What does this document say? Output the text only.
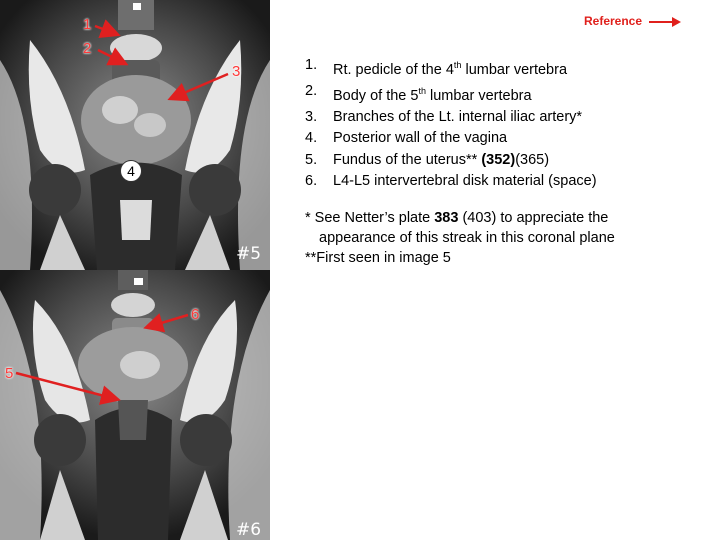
#5
#6
1
2
3
4
6
5
Reference
1.	Rt. pedicle of the 4th lumbar vertebra
2.	Body of the 5th lumbar vertebra
3.	Branches of the Lt. internal iliac artery*
4.	Posterior wall of the vagina
5.	Fundus of the uterus** (352)(365)
6.	L4-L5 intervertebral disk material (space)
* See Netter’s plate 383 (403) to appreciate the
appearance of this streak in this coronal plane
**First seen in image 5
